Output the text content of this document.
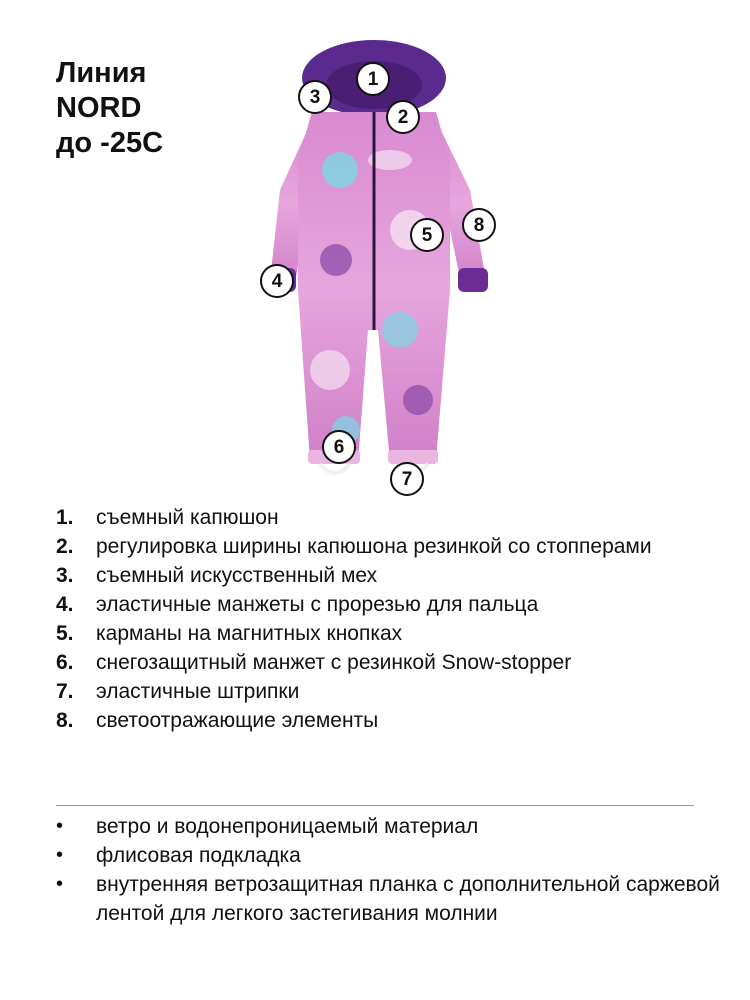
Линия
NORD
до -25С
1
2
3
4
5
6
7
8
1.	съемный капюшон
2.	регулировка ширины капюшона резинкой со стопперами
3.	съемный искусственный мех
4.	эластичные манжеты с прорезью для пальца
5.	карманы на магнитных кнопках
6.	снегозащитный манжет с резинкой Snow-stopper
7.	эластичные штрипки
8.	светоотражающие элементы
•	ветро и водонепроницаемый материал
•	флисовая подкладка
•	внутренняя ветрозащитная планка с дополнительной саржевой лентой для легкого застегивания молнии
